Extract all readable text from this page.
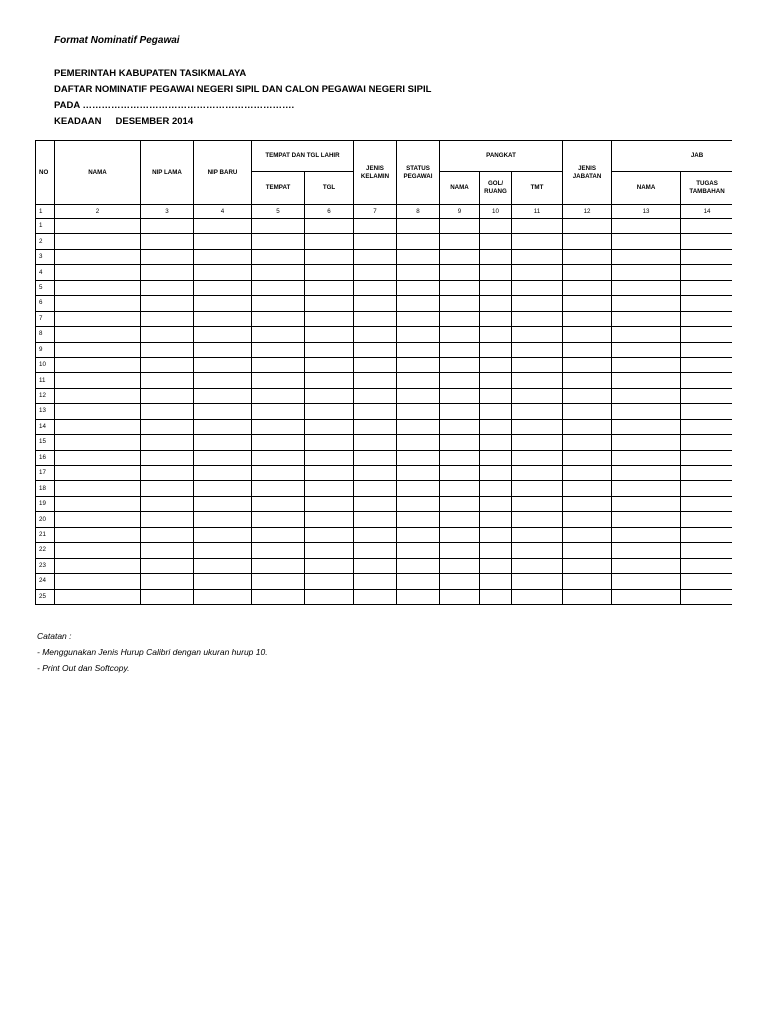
Format Nominatif Pegawai
PEMERINTAH KABUPATEN TASIKMALAYA
DAFTAR NOMINATIF PEGAWAI NEGERI SIPIL DAN CALON PEGAWAI NEGERI SIPIL
PADA ………………………………………………………….
KEADAAN DESEMBER 2014
NO	NAMA	NIP LAMA	NIP BARU	TEMPAT DAN TGL LAHIR		JENIS KELAMIN	STATUS PEGAWAI	PANGKAT			JENIS JABATAN	JAB		
				TEMPAT	TGL			NAMA	GOL/ RUANG	TMT		NAMA	TUGAS TAMBAHAN	
1	2	3	4	5	6	7	8	9	10	11	12	13	14	
1														
2														
3														
4														
5														
6														
7														
8														
9														
10														
11														
12														
13														
14														
15														
16														
17														
18														
19														
20														
21														
22														
23														
24														
25														
Catatan :
- Menggunakan Jenis Hurup Calibri dengan ukuran hurup 10.
- Print Out dan Softcopy.
